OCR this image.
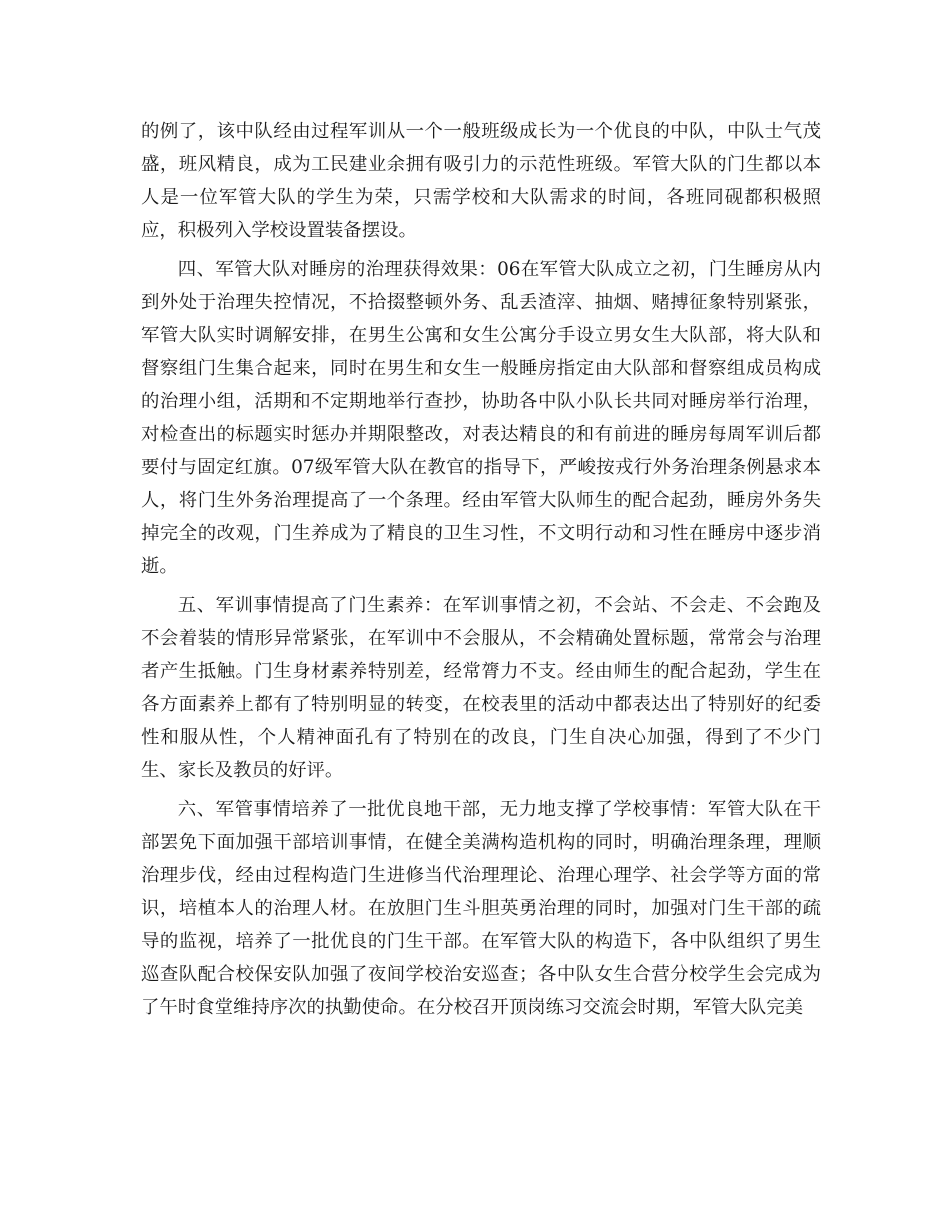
的例了，该中队经由过程军训从一个一般班级成长为一个优良的中队，中队士气茂盛，班风精良，成为工民建业余拥有吸引力的示范性班级。军管大队的门生都以本人是一位军管大队的学生为荣，只需学校和大队需求的时间，各班同砚都积极照应，积极列入学校设置装备摆设。

四、军管大队对睡房的治理获得效果：06在军管大队成立之初，门生睡房从内到外处于治理失控情况，不拾掇整顿外务、乱丢渣滓、抽烟、赌搏征象特别紧张，军管大队实时调解安排，在男生公寓和女生公寓分手设立男女生大队部，将大队和督察组门生集合起来，同时在男生和女生一般睡房指定由大队部和督察组成员构成的治理小组，活期和不定期地举行查抄，协助各中队小队长共同对睡房举行治理，对检查出的标题实时惩办并期限整改，对表达精良的和有前进的睡房每周军训后都要付与固定红旗。07级军管大队在教官的指导下，严峻按戎行外务治理条例悬求本人，将门生外务治理提高了一个条理。经由军管大队师生的配合起劲，睡房外务失掉完全的改观，门生养成为了精良的卫生习性，不文明行动和习性在睡房中逐步消逝。

五、军训事情提高了门生素养：在军训事情之初，不会站、不会走、不会跑及不会着装的情形异常紧张，在军训中不会服从，不会精确处置标题，常常会与治理者产生抵触。门生身材素养特别差，经常膂力不支。经由师生的配合起劲，学生在各方面素养上都有了特别明显的转变，在校表里的活动中都表达出了特别好的纪委性和服从性，个人精神面孔有了特别在的改良，门生自决心加强，得到了不少门生、家长及教员的好评。

六、军管事情培养了一批优良地干部，无力地支撑了学校事情：军管大队在干部罢免下面加强干部培训事情，在健全美满构造机构的同时，明确治理条理，理顺治理步伐，经由过程构造门生进修当代治理理论、治理心理学、社会学等方面的常识，培植本人的治理人材。在放胆门生斗胆英勇治理的同时，加强对门生干部的疏导的监视，培养了一批优良的门生干部。在军管大队的构造下，各中队组织了男生巡查队配合校保安队加强了夜间学校治安巡查；各中队女生合营分校学生会完成为了午时食堂维持序次的执勤使命。在分校召开顶岗练习交流会时期，军管大队完美
